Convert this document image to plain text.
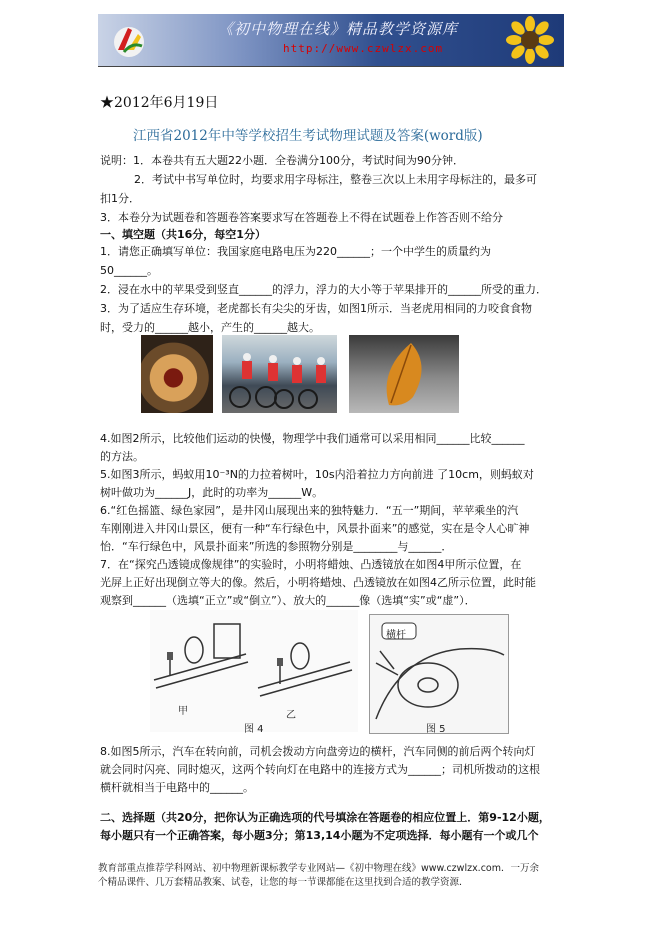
《初中物理在线》精品教学资源库
http://www.czwlzx.com
★2012年6月19日
江西省2012年中等学校招生考试物理试题及答案(word版)
说明：1．本卷共有五大题22小题．全卷满分100分，考试时间为90分钟．
2．考试中书写单位时，均要求用字母标注，整卷三次以上未用字母标注的，最多可
扣1分．
3．本卷分为试题卷和答题卷答案要求写在答题卷上不得在试题卷上作答否则不给分
一、填空题（共16分，每空1分）
1．请您正确填写单位：我国家庭电路电压为220______；一个中学生的质量约为
50______。
2．浸在水中的苹果受到竖直______的浮力，浮力的大小等于苹果排开的______所受的重力．
3．为了适应生存环境，老虎都长有尖尖的牙齿，如图1所示．当老虎用相同的力咬食食物
时，受力的______越小，产生的______越大。
4.如图2所示，比较他们运动的快慢，物理学中我们通常可以采用相同______比较______
的方法。
5.如图3所示，蚂蚁用10⁻³N的力拉着树叶，10s内沿着拉力方向前进 了10cm，则蚂蚁对
树叶做功为______J，此时的功率为______W。
6.“红色摇篮、绿色家园”，是井冈山展现出来的独特魅力．“五一”期间，苹苹乘坐的汽
车刚刚进入井冈山景区，便有一种“车行绿色中，风景扑面来”的感觉，实在是令人心旷神
怡．“车行绿色中，风景扑面来”所选的参照物分别是________与______．
7．在“探究凸透镜成像规律”的实验时，小明将蜡烛、凸透镜放在如图4甲所示位置，在
光屏上正好出现倒立等大的像。然后，小明将蜡烛、凸透镜放在如图4乙所示位置，此时能
观察到______（选填“正立”或“倒立”）、放大的______像（选填“实”或“虚”）．
甲	乙
图 4
横杆
图 5
8.如图5所示，汽车在转向前，司机会拨动方向盘旁边的横杆，汽车同侧的前后两个转向灯
就会同时闪亮、同时熄灭，这两个转向灯在电路中的连接方式为______；司机所拨动的这根
横杆就相当于电路中的______。
二、选择题（共20分，把你认为正确选项的代号填涂在答题卷的相应位置上．第9-12小题，
每小题只有一个正确答案，每小题3分；第13,14小题为不定项选择．每小题有一个或几个
教育部重点推荐学科网站、初中物理新课标教学专业网站—《初中物理在线》www.czwlzx.com．一万余
个精品课件、几万套精品教案、试卷，让您的每一节课都能在这里找到合适的教学资源．
